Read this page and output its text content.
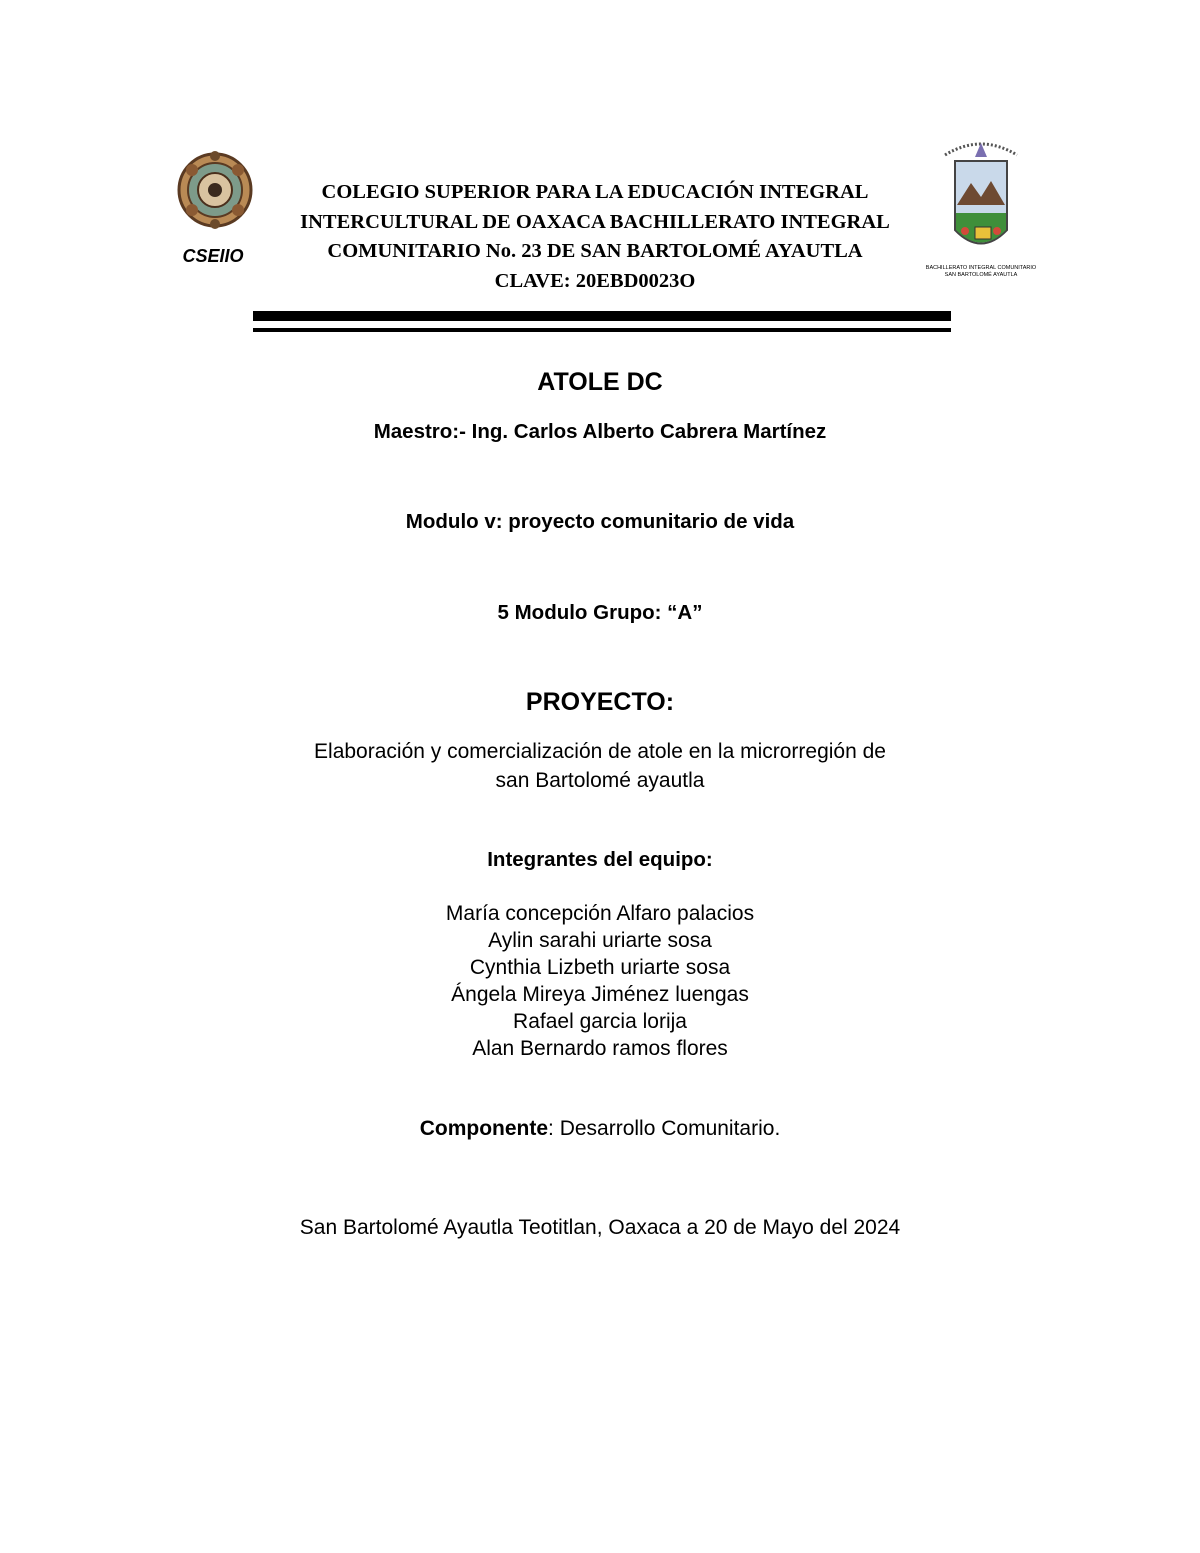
CSEIIO
COLEGIO SUPERIOR PARA LA EDUCACIÓN INTEGRAL
INTERCULTURAL DE OAXACA BACHILLERATO INTEGRAL
COMUNITARIO No. 23 DE SAN BARTOLOMÉ AYAUTLA
CLAVE: 20EBD0023O
BACHILLERATO INTEGRAL COMUNITARIO
SAN BARTOLOMÉ AYAUTLA
ATOLE DC
Maestro:- Ing. Carlos Alberto Cabrera Martínez
Modulo v: proyecto comunitario de vida
5 Modulo Grupo: “A”
PROYECTO:
Elaboración y comercialización de atole en la microrregión de
san Bartolomé ayautla
Integrantes del equipo:
María concepción Alfaro palacios
Aylin sarahi uriarte sosa
Cynthia Lizbeth uriarte sosa
Ángela Mireya Jiménez luengas
Rafael garcia lorija
Alan Bernardo ramos flores
Componente: Desarrollo Comunitario.
San Bartolomé Ayautla Teotitlan, Oaxaca a 20 de Mayo del 2024
